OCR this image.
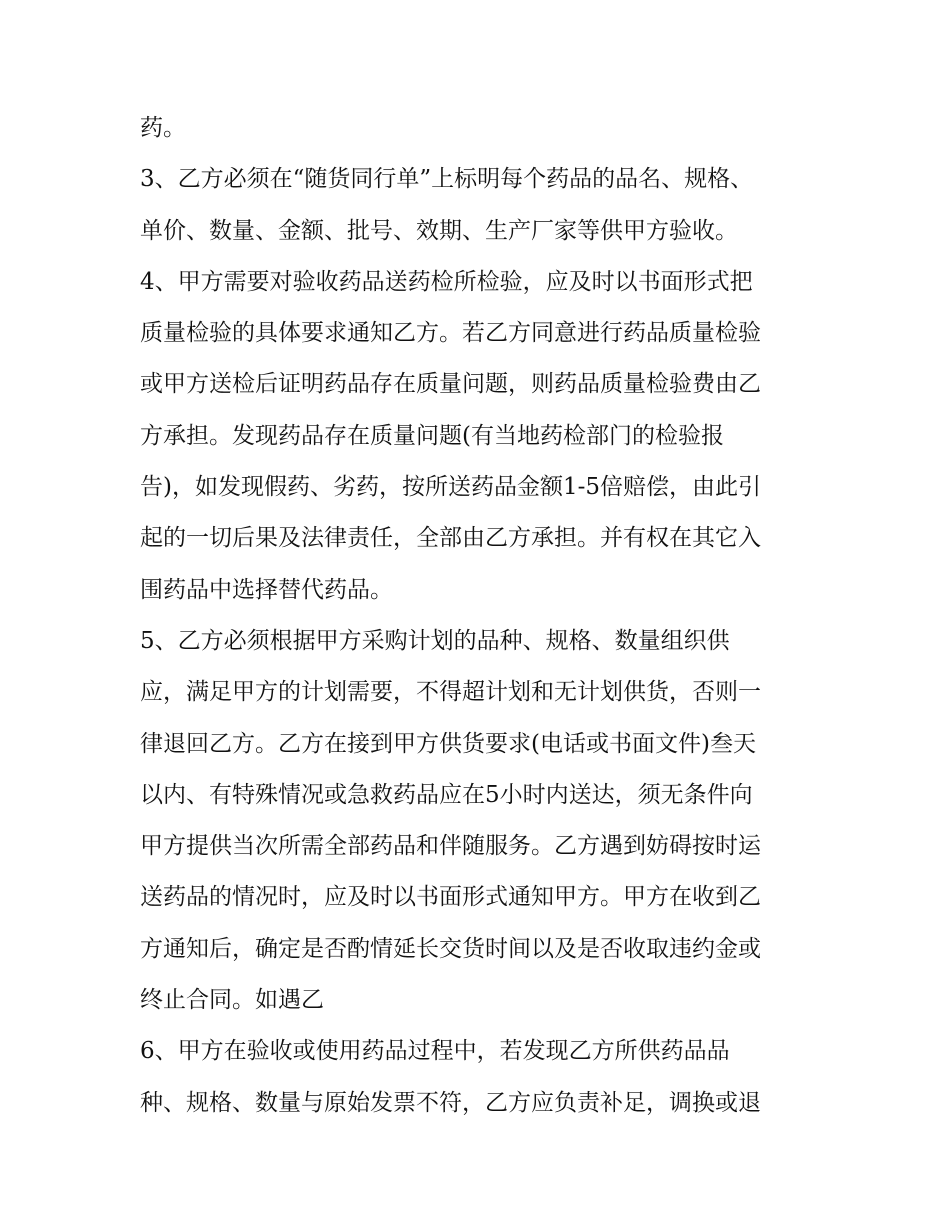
药。
3、乙方必须在“随货同行单”上标明每个药品的品名、规格、
单价、数量、金额、批号、效期、生产厂家等供甲方验收。
4、甲方需要对验收药品送药检所检验，应及时以书面形式把
质量检验的具体要求通知乙方。若乙方同意进行药品质量检验
或甲方送检后证明药品存在质量问题，则药品质量检验费由乙
方承担。发现药品存在质量问题(有当地药检部门的检验报
告)，如发现假药、劣药，按所送药品金额1-5倍赔偿，由此引
起的一切后果及法律责任，全部由乙方承担。并有权在其它入
围药品中选择替代药品。
5、乙方必须根据甲方采购计划的品种、规格、数量组织供
应，满足甲方的计划需要，不得超计划和无计划供货，否则一
律退回乙方。乙方在接到甲方供货要求(电话或书面文件)叁天
以内、有特殊情况或急救药品应在5小时内送达，须无条件向
甲方提供当次所需全部药品和伴随服务。乙方遇到妨碍按时运
送药品的情况时，应及时以书面形式通知甲方。甲方在收到乙
方通知后，确定是否酌情延长交货时间以及是否收取违约金或
终止合同。如遇乙
6、甲方在验收或使用药品过程中，若发现乙方所供药品品
种、规格、数量与原始发票不符，乙方应负责补足，调换或退
